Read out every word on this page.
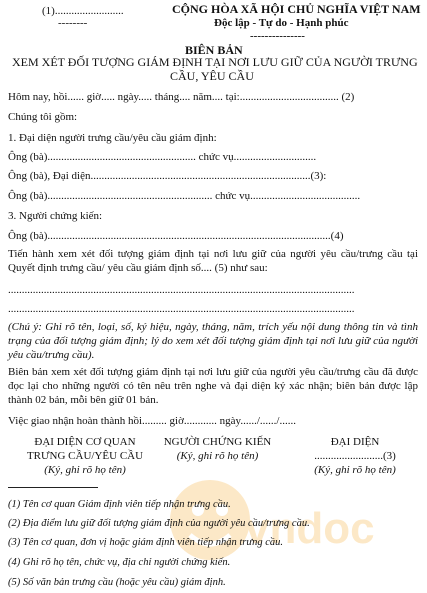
(1).........................
--------
CỘNG HÒA XÃ HỘI CHỦ NGHĨA VIỆT NAM
Độc lập - Tự do - Hạnh phúc
---------------
BIÊN BẢN
XEM XÉT ĐỐI TƯỢNG GIÁM ĐỊNH TẠI NƠI LƯU GIỮ CỦA NGƯỜI TRƯNG
CẦU, YÊU CẦU
Hôm nay, hồi...... giờ..... ngày..... tháng.... năm.... tại:.................................... (2)
Chúng tôi gồm:
1. Đại diện người trưng cầu/yêu cầu giám định:
Ông (bà)...................................................... chức vụ..............................
Ông (bà), Đại diện................................................................................(3):
Ông (bà)............................................................ chức vụ........................................
3. Người chứng kiến:
Ông (bà).......................................................................................................(4)
Tiến hành xem xét đối tượng giám định tại nơi lưu giữ của người yêu cầu/trưng cầu tại Quyết định trưng cầu/ yêu cầu giám định số.... (5) như sau:
..............................................................................................................................
..............................................................................................................................
(Chú ý: Ghi rõ tên, loại, số, ký hiệu, ngày, tháng, năm, trích yếu nội dung thông tin và tình trạng của đối tượng giám định; lý do xem xét đối tượng giám định tại nơi lưu giữ của người yêu cầu/trưng cầu).
Biên bản xem xét đối tượng giám định tại nơi lưu giữ của người yêu cầu/trưng cầu đã được đọc lại cho những người có tên nêu trên nghe và đại diện ký xác nhận; biên bản được lập thành 02 bản, mỗi bên giữ 01 bản.
Việc giao nhận hoàn thành hồi......... giờ............ ngày....../....../......
ĐẠI DIỆN CƠ QUAN
TRƯNG CẦU/YÊU CẦU
(Ký, ghi rõ họ tên)
NGƯỜI CHỨNG KIẾN
(Ký, ghi rõ họ tên)
ĐẠI DIỆN
.........................(3)
(Ký, ghi rõ họ tên)
vndoc
(1) Tên cơ quan Giám định viên tiếp nhận trưng cầu.
(2) Địa điểm lưu giữ đối tượng giám định của người yêu cầu/trưng cầu.
(3) Tên cơ quan, đơn vị hoặc giám định viên tiếp nhận trưng cầu.
(4) Ghi rõ họ tên, chức vụ, địa chỉ người chứng kiến.
(5) Số văn bản trưng cầu (hoặc yêu cầu) giám định.
